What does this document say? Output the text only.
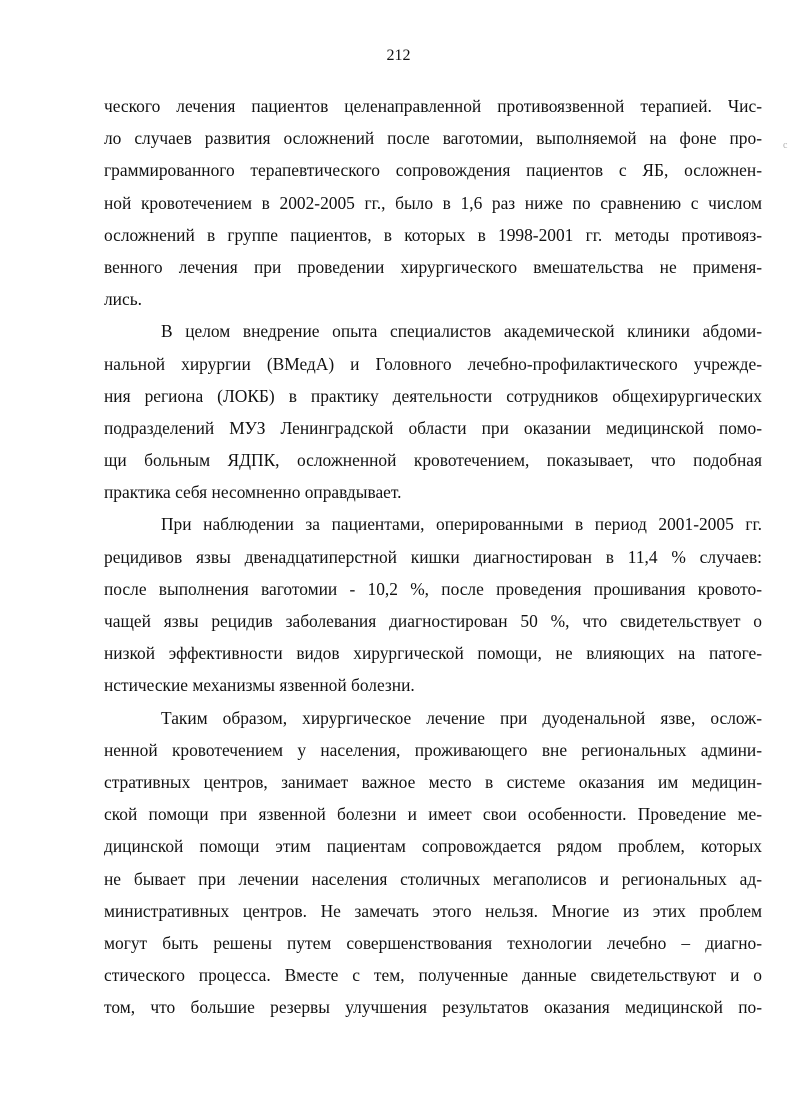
212
c
ческого лечения пациентов целенаправленной противоязвенной терапией. Чис-
ло случаев развития осложнений после ваготомии, выполняемой на фоне про-
граммированного терапевтического сопровождения пациентов с ЯБ, осложнен-
ной кровотечением в 2002-2005 гг., было в 1,6 раз ниже по сравнению с числом
осложнений в группе пациентов, в которых в 1998-2001 гг. методы противояз-
венного лечения при проведении хирургического вмешательства не применя-
лись.
В целом внедрение опыта специалистов академической клиники абдоми-
нальной хирургии (ВМедА) и Головного лечебно-профилактического учрежде-
ния региона (ЛОКБ) в практику деятельности сотрудников общехирургических
подразделений МУЗ Ленинградской области при оказании медицинской помо-
щи больным ЯДПК, осложненной кровотечением, показывает, что подобная
практика себя несомненно оправдывает.
При наблюдении за пациентами, оперированными в период 2001-2005 гг.
рецидивов язвы двенадцатиперстной кишки диагностирован в 11,4 % случаев:
после выполнения ваготомии - 10,2 %, после проведения прошивания кровото-
чащей язвы рецидив заболевания диагностирован 50 %, что свидетельствует о
низкой эффективности видов хирургической помощи, не влияющих на патоге-
нстические механизмы язвенной болезни.
Таким образом, хирургическое лечение при дуоденальной язве, ослож-
ненной кровотечением у населения, проживающего вне региональных админи-
стративных центров, занимает важное место в системе оказания им медицин-
ской помощи при язвенной болезни и имеет свои особенности. Проведение ме-
дицинской помощи этим пациентам сопровождается рядом проблем, которых
не бывает при лечении населения столичных мегаполисов и региональных ад-
министративных центров. Не замечать этого нельзя. Многие из этих проблем
могут быть решены путем совершенствования технологии лечебно – диагно-
стического процесса. Вместе с тем, полученные данные свидетельствуют и о
том, что большие резервы улучшения результатов оказания медицинской по-
